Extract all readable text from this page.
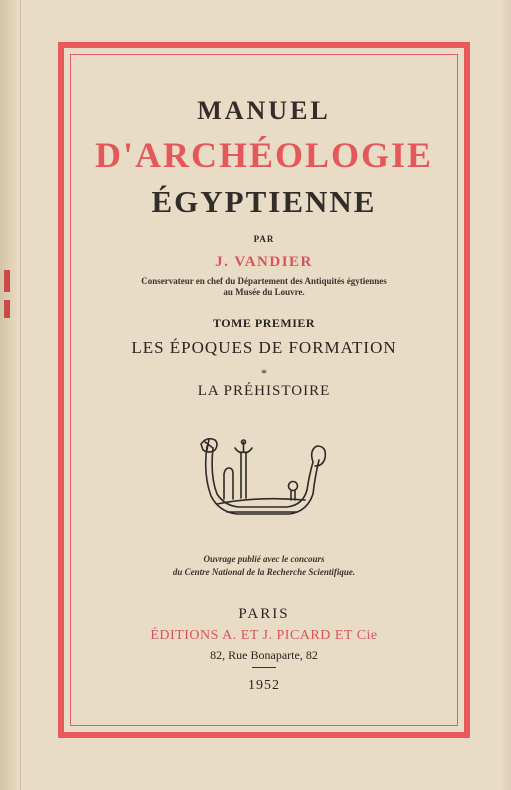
MANUEL
D'ARCHÉOLOGIE
ÉGYPTIENNE
PAR
J. VANDIER
Conservateur en chef du Département des Antiquités égytiennes
au Musée du Louvre.
TOME PREMIER
LES ÉPOQUES DE FORMATION
*
LA PRÉHISTOIRE
Ouvrage publié avec le concours
du Centre National de la Recherche Scientifique.
PARIS
ÉDITIONS A. ET J. PICARD ET Cie
82, Rue Bonaparte, 82
1952
